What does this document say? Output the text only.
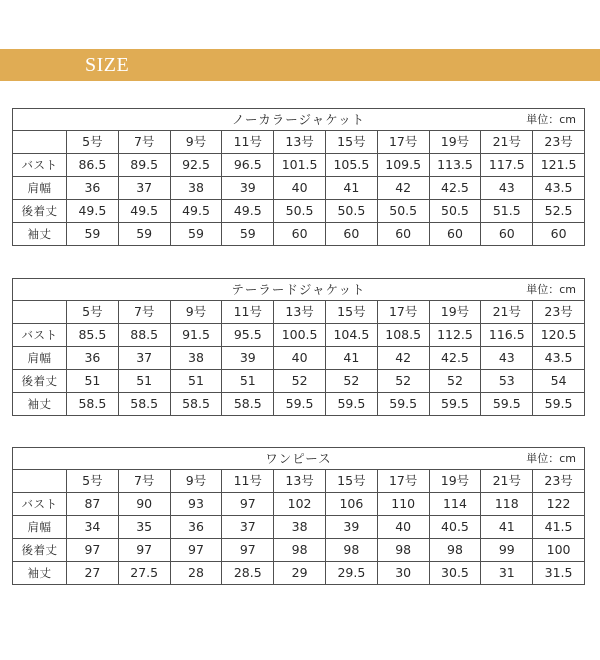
SIZE
ノーカラージャケット 単位：cm										

	5号	7号	9号	11号	13号	15号	17号	19号	21号	23号
バスト	86.5	89.5	92.5	96.5	101.5	105.5	109.5	113.5	117.5	121.5
肩幅	36	37	38	39	40	41	42	42.5	43	43.5
後着丈	49.5	49.5	49.5	49.5	50.5	50.5	50.5	50.5	51.5	52.5
袖丈	59	59	59	59	60	60	60	60	60	60
テーラードジャケット 単位：cm										

	5号	7号	9号	11号	13号	15号	17号	19号	21号	23号
バスト	85.5	88.5	91.5	95.5	100.5	104.5	108.5	112.5	116.5	120.5
肩幅	36	37	38	39	40	41	42	42.5	43	43.5
後着丈	51	51	51	51	52	52	52	52	53	54
袖丈	58.5	58.5	58.5	58.5	59.5	59.5	59.5	59.5	59.5	59.5
ワンピース 単位：cm										

	5号	7号	9号	11号	13号	15号	17号	19号	21号	23号
バスト	87	90	93	97	102	106	110	114	118	122
肩幅	34	35	36	37	38	39	40	40.5	41	41.5
後着丈	97	97	97	97	98	98	98	98	99	100
袖丈	27	27.5	28	28.5	29	29.5	30	30.5	31	31.5
